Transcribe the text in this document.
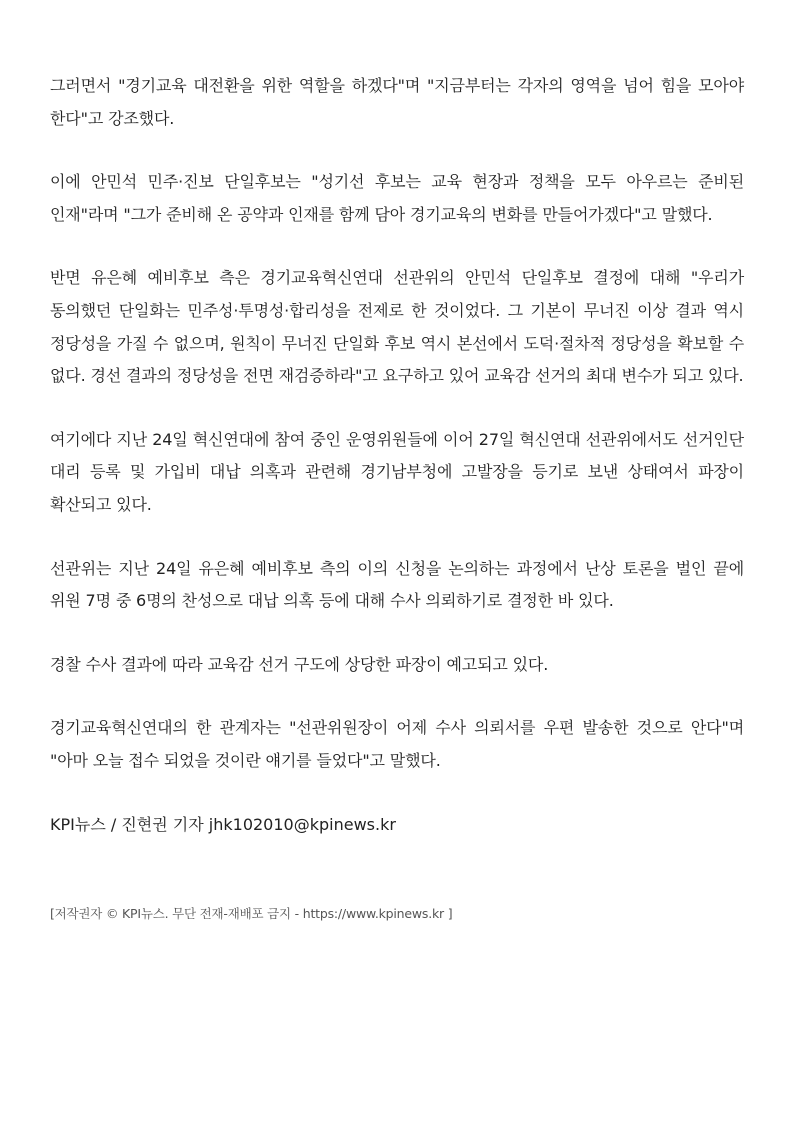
그러면서 "경기교육 대전환을 위한 역할을 하겠다"며 "지금부터는 각자의 영역을 넘어 힘을 모아야 한다"고 강조했다.

이에 안민석 민주·진보 단일후보는 "성기선 후보는 교육 현장과 정책을 모두 아우르는 준비된 인재"라며 "그가 준비해 온 공약과 인재를 함께 담아 경기교육의 변화를 만들어가겠다"고 말했다.

반면 유은혜 예비후보 측은 경기교육혁신연대 선관위의 안민석 단일후보 결정에 대해 "우리가 동의했던 단일화는 민주성·투명성·합리성을 전제로 한 것이었다. 그 기본이 무너진 이상 결과 역시 정당성을 가질 수 없으며, 원칙이 무너진 단일화 후보 역시 본선에서 도덕·절차적 정당성을 확보할 수 없다. 경선 결과의 정당성을 전면 재검증하라"고 요구하고 있어 교육감 선거의 최대 변수가 되고 있다.

여기에다 지난 24일 혁신연대에 참여 중인 운영위원들에 이어 27일 혁신연대 선관위에서도 선거인단 대리 등록 및 가입비 대납 의혹과 관련해 경기남부청에 고발장을 등기로 보낸 상태여서 파장이 확산되고 있다.

선관위는 지난 24일 유은혜 예비후보 측의 이의 신청을 논의하는 과정에서 난상 토론을 벌인 끝에 위원 7명 중 6명의 찬성으로 대납 의혹 등에 대해 수사 의뢰하기로 결정한 바 있다.

경찰 수사 결과에 따라 교육감 선거 구도에 상당한 파장이 예고되고 있다.

경기교육혁신연대의 한 관계자는 "선관위원장이 어제 수사 의뢰서를 우편 발송한 것으로 안다"며 "아마 오늘 접수 되었을 것이란 얘기를 들었다"고 말했다.

KPI뉴스 / 진현권 기자 jhk102010@kpinews.kr

[저작권자 © KPI뉴스. 무단 전재-재배포 금지 - https://www.kpinews.kr ]
